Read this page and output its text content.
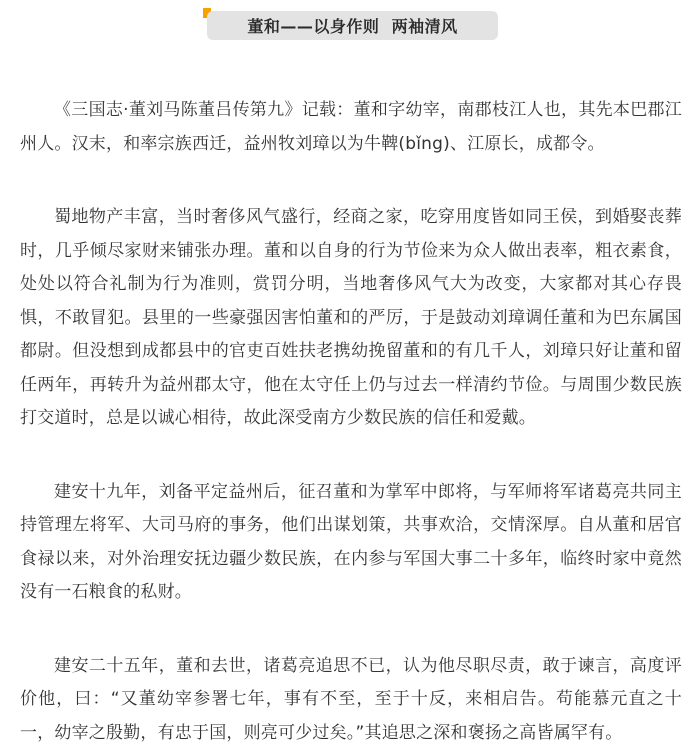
董和——以身作则  两袖清风

《三国志·董刘马陈董吕传第九》记载：董和字幼宰，南郡枝江人也，其先本巴郡江州人。汉末，和率宗族西迁，益州牧刘璋以为牛鞞(bǐng)、江原长，成都令。

蜀地物产丰富，当时奢侈风气盛行，经商之家，吃穿用度皆如同王侯，到婚娶丧葬时，几乎倾尽家财来铺张办理。董和以自身的行为节俭来为众人做出表率，粗衣素食，处处以符合礼制为行为准则，赏罚分明，当地奢侈风气大为改变，大家都对其心存畏惧，不敢冒犯。县里的一些豪强因害怕董和的严厉，于是鼓动刘璋调任董和为巴东属国都尉。但没想到成都县中的官吏百姓扶老携幼挽留董和的有几千人，刘璋只好让董和留任两年，再转升为益州郡太守，他在太守任上仍与过去一样清约节俭。与周围少数民族打交道时，总是以诚心相待，故此深受南方少数民族的信任和爱戴。

建安十九年，刘备平定益州后，征召董和为掌军中郎将，与军师将军诸葛亮共同主持管理左将军、大司马府的事务，他们出谋划策，共事欢洽，交情深厚。自从董和居官食禄以来，对外治理安抚边疆少数民族，在内参与军国大事二十多年，临终时家中竟然没有一石粮食的私财。

建安二十五年，董和去世，诸葛亮追思不已，认为他尽职尽责，敢于谏言，高度评价他，曰：“又董幼宰参署七年，事有不至，至于十反，来相启告。苟能慕元直之十一，幼宰之殷勤，有忠于国，则亮可少过矣。”其追思之深和褒扬之高皆属罕有。
